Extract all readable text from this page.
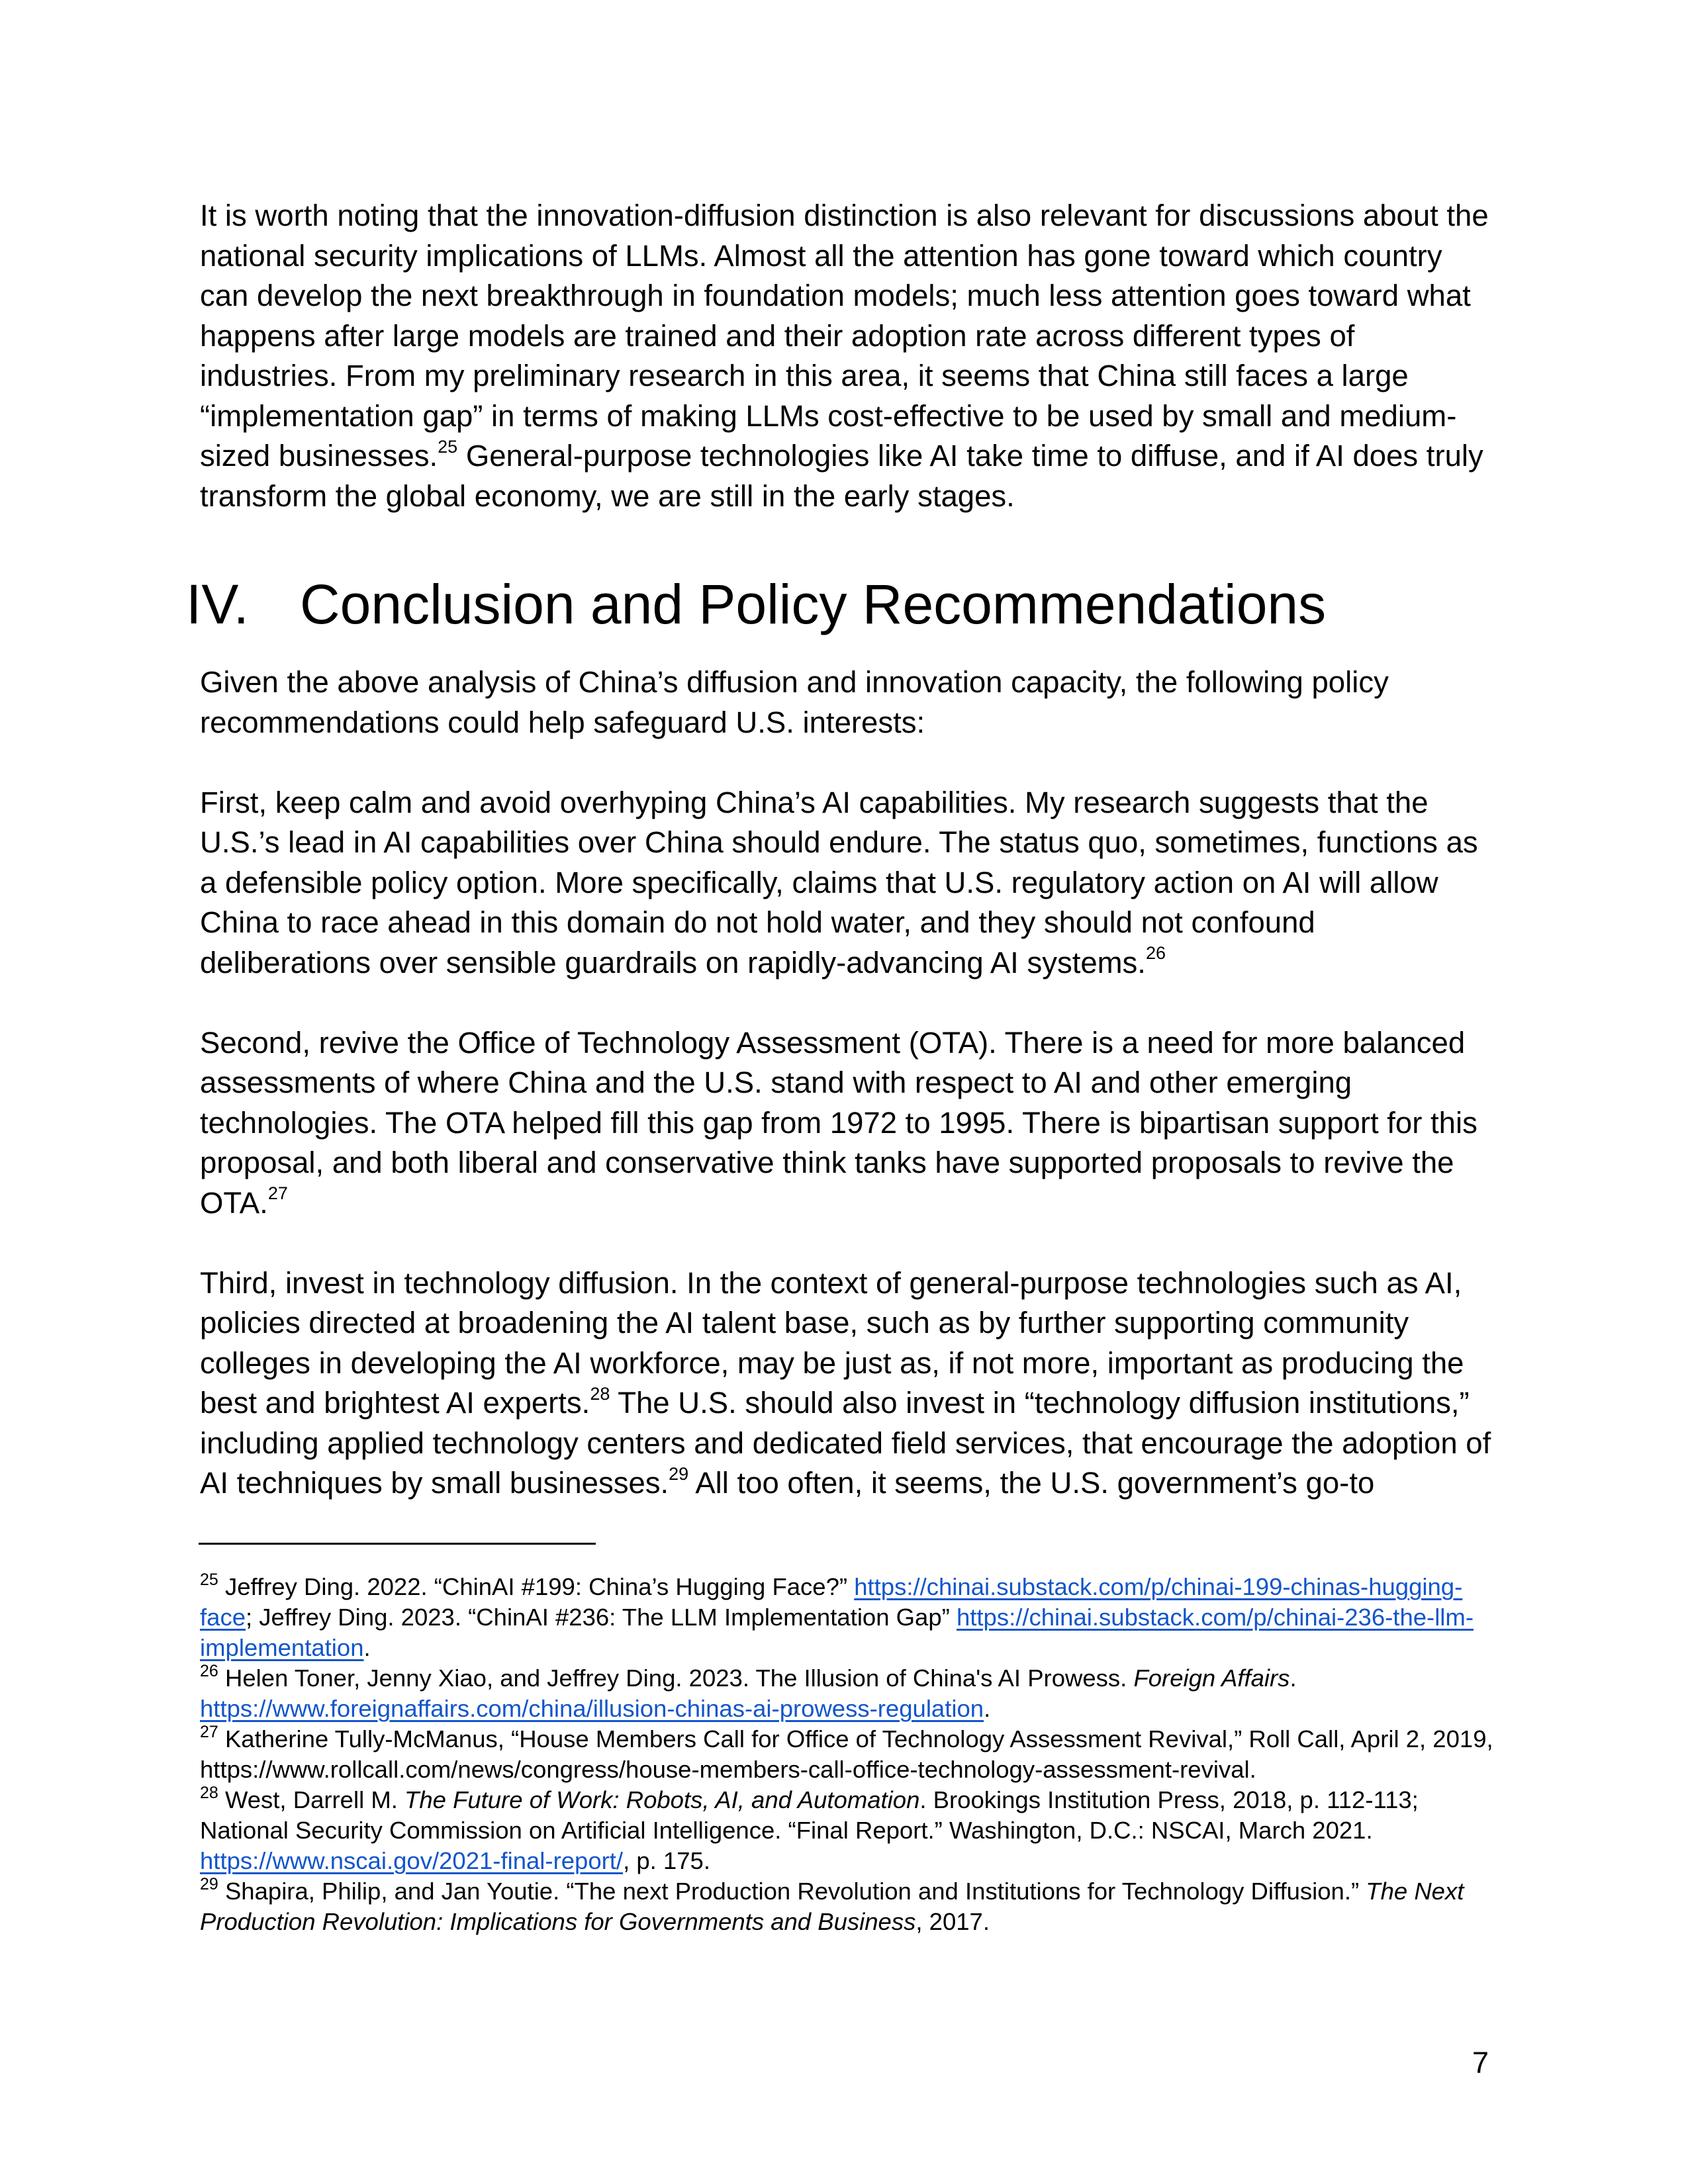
It is worth noting that the innovation-diffusion distinction is also relevant for discussions about the national security implications of LLMs. Almost all the attention has gone toward which country can develop the next breakthrough in foundation models; much less attention goes toward what happens after large models are trained and their adoption rate across different types of industries. From my preliminary research in this area, it seems that China still faces a large “implementation gap” in terms of making LLMs cost-effective to be used by small and medium-sized businesses.$^{25}$ General-purpose technologies like AI take time to diffuse, and if AI does truly transform the global economy, we are still in the early stages.

IV. Conclusion and Policy Recommendations

Given the above analysis of China’s diffusion and innovation capacity, the following policy recommendations could help safeguard U.S. interests:

First, keep calm and avoid overhyping China’s AI capabilities. My research suggests that the U.S.’s lead in AI capabilities over China should endure. The status quo, sometimes, functions as a defensible policy option. More specifically, claims that U.S. regulatory action on AI will allow China to race ahead in this domain do not hold water, and they should not confound deliberations over sensible guardrails on rapidly-advancing AI systems.$^{26}$

Second, revive the Office of Technology Assessment (OTA). There is a need for more balanced assessments of where China and the U.S. stand with respect to AI and other emerging technologies. The OTA helped fill this gap from 1972 to 1995. There is bipartisan support for this proposal, and both liberal and conservative think tanks have supported proposals to revive the OTA.$^{27}$

Third, invest in technology diffusion. In the context of general-purpose technologies such as AI, policies directed at broadening the AI talent base, such as by further supporting community colleges in developing the AI workforce, may be just as, if not more, important as producing the best and brightest AI experts.$^{28}$ The U.S. should also invest in “technology diffusion institutions,” including applied technology centers and dedicated field services, that encourage the adoption of AI techniques by small businesses.$^{29}$ All too often, it seems, the U.S. government’s go-to

$^{25}$ Jeffrey Ding. 2022. “ChinAI #199: China’s Hugging Face?” https://chinai.substack.com/p/chinai-199-chinas-hugging-face; Jeffrey Ding. 2023. “ChinAI #236: The LLM Implementation Gap” https://chinai.substack.com/p/chinai-236-the-llm-implementation.

$^{26}$ Helen Toner, Jenny Xiao, and Jeffrey Ding. 2023. The Illusion of China's AI Prowess. Foreign Affairs. https://www.foreignaffairs.com/china/illusion-chinas-ai-prowess-regulation.

$^{27}$ Katherine Tully-McManus, “House Members Call for Office of Technology Assessment Revival,” Roll Call, April 2, 2019, https://www.rollcall.com/news/congress/house-members-call-office-technology-assessment-revival.

$^{28}$ West, Darrell M. The Future of Work: Robots, AI, and Automation. Brookings Institution Press, 2018, p. 112-113; National Security Commission on Artificial Intelligence. “Final Report.” Washington, D.C.: NSCAI, March 2021. https://www.nscai.gov/2021-final-report/, p. 175.

$^{29}$ Shapira, Philip, and Jan Youtie. “The next Production Revolution and Institutions for Technology Diffusion.” The Next Production Revolution: Implications for Governments and Business, 2017.

7
